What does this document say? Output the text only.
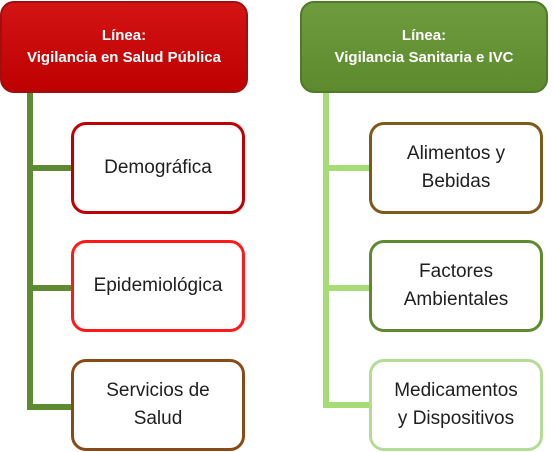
Línea:
Vigilancia en Salud Pública
Línea:
Vigilancia Sanitaria e IVC
Demográfica
Epidemiológica
Servicios de
Salud
Alimentos y
Bebidas
Factores
Ambientales
Medicamentos
y Dispositivos
